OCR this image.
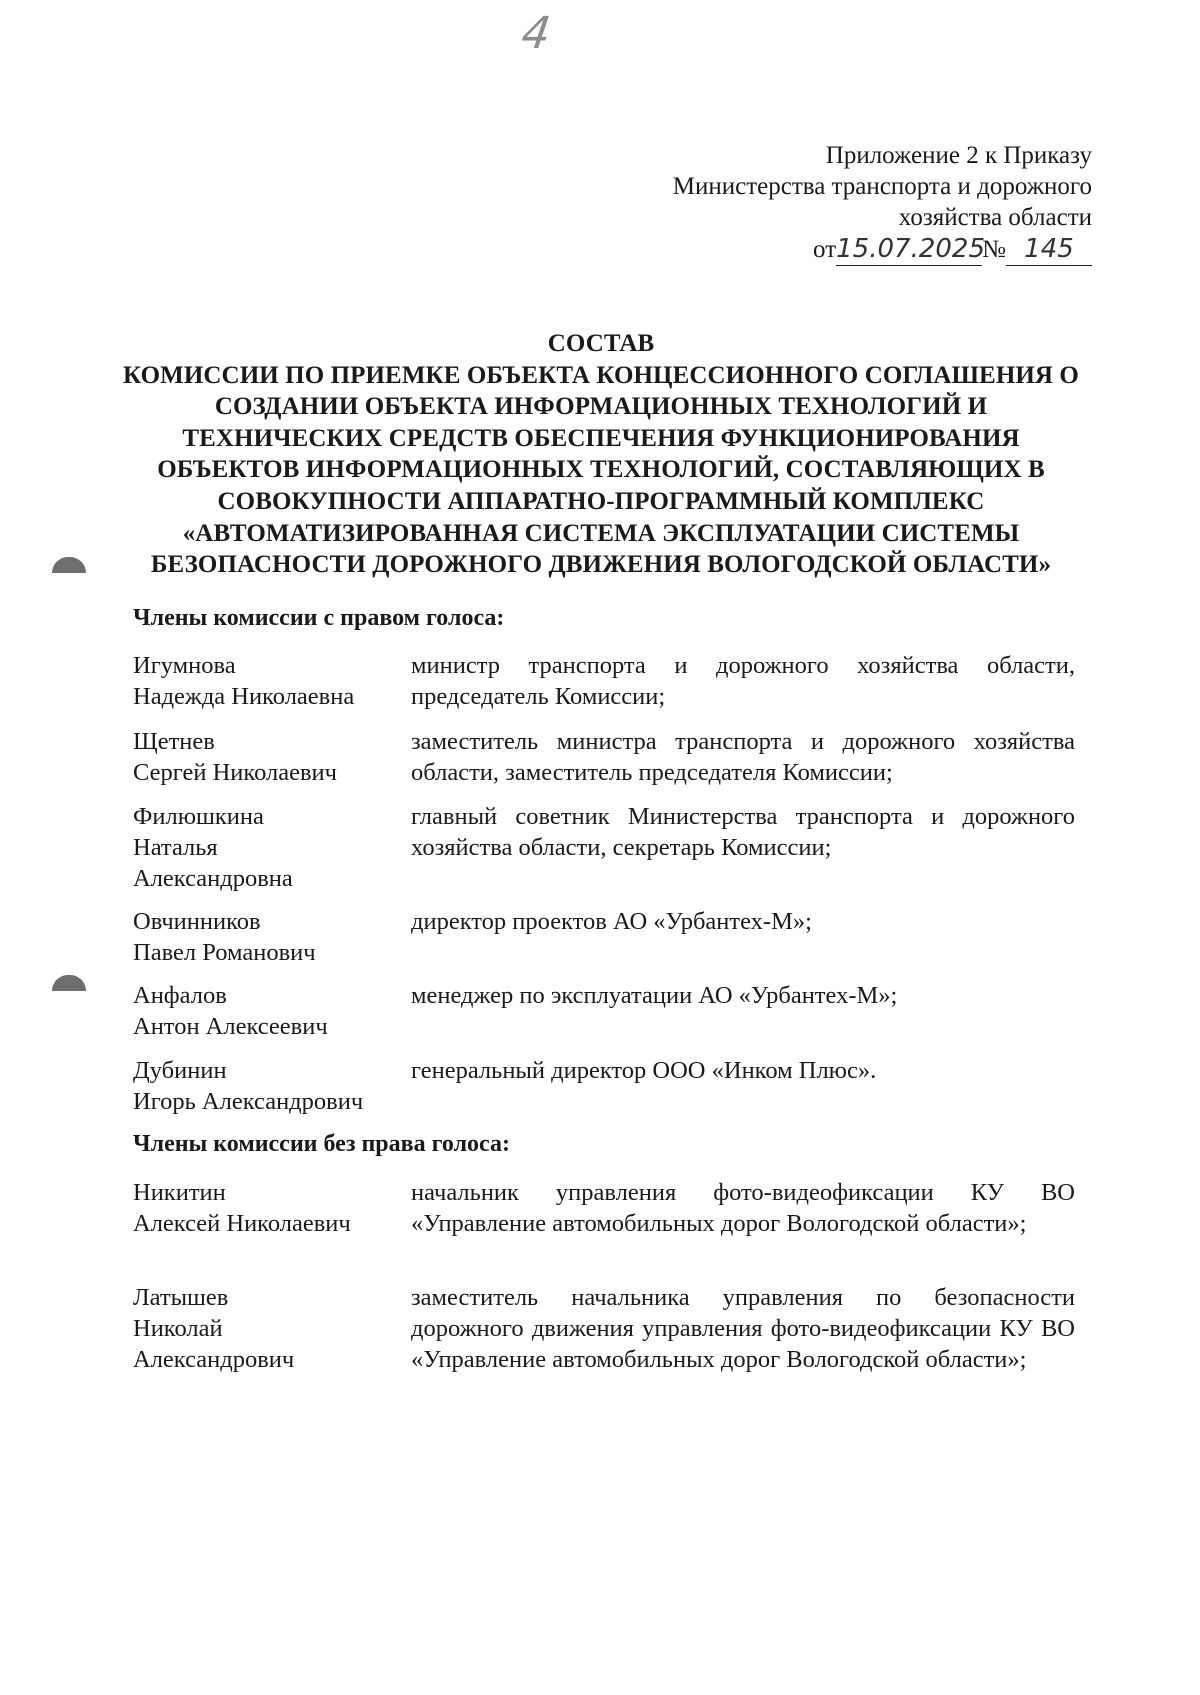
4
Приложение 2 к Приказу
Министерства транспорта и дорожного
хозяйства области
от15.07.2025№ 145
СОСТАВ
КОМИССИИ ПО ПРИЕМКЕ ОБЪЕКТА КОНЦЕССИОННОГО СОГЛАШЕНИЯ О СОЗДАНИИ ОБЪЕКТА ИНФОРМАЦИОННЫХ ТЕХНОЛОГИЙ И ТЕХНИЧЕСКИХ СРЕДСТВ ОБЕСПЕЧЕНИЯ ФУНКЦИОНИРОВАНИЯ ОБЪЕКТОВ ИНФОРМАЦИОННЫХ ТЕХНОЛОГИЙ, СОСТАВЛЯЮЩИХ В СОВОКУПНОСТИ АППАРАТНО-ПРОГРАММНЫЙ КОМПЛЕКС «АВТОМАТИЗИРОВАННАЯ СИСТЕМА ЭКСПЛУАТАЦИИ СИСТЕМЫ БЕЗОПАСНОСТИ ДОРОЖНОГО ДВИЖЕНИЯ ВОЛОГОДСКОЙ ОБЛАСТИ»
Члены комиссии с правом голоса:
Игумнова
Надежда Николаевна
министр транспорта и дорожного хозяйства области, председатель Комиссии;
Щетнев
Сергей Николаевич
заместитель министра транспорта и дорожного хозяйства области, заместитель председателя Комиссии;
Филюшкина
Наталья
Александровна
главный советник Министерства транспорта и дорожного хозяйства области, секретарь Комиссии;
Овчинников
Павел Романович
директор проектов АО «Урбантех-М»;
Анфалов
Антон Алексеевич
менеджер по эксплуатации АО «Урбантех-М»;
Дубинин
Игорь Александрович
генеральный директор ООО «Инком Плюс».
Члены комиссии без права голоса:
Никитин
Алексей Николаевич
начальник управления фото-видеофиксации КУ ВО «Управление автомобильных дорог Вологодской области»;
Латышев
Николай
Александрович
заместитель начальника управления по безопасности дорожного движения управления фото-видеофиксации КУ ВО «Управление автомобильных дорог Вологодской области»;
